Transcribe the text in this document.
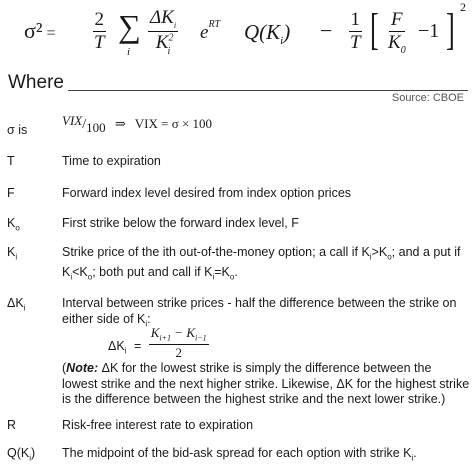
$\sigma^2 = \frac{2}{T}$ ∑
i
$\Delta K_i$
$K^2_i$
$e^{RT}$ $Q(K_i) - \frac{1}{T}$ [ $\frac{F}{K_0} -1$ ] 2
Where
Source: CBOE
σ is
VIX/100 ⇒ VIX = σ × 100
T	Time to expiration
F	Forward index level desired from index option prices
$K_o$	First strike below the forward index level, F
$K_i$	Strike price of the ith out-of-the-money option; a call if $K_i>K_o$; and a put if
$K_i<K_o$; both put and call if $K_i=K_o$.
$\Delta K_i$	Interval between strike prices - half the difference between the strike on
either side of $K_i$:
$\Delta K_i = \frac{K_{i+1} - K_{i-1}}{2}$
(Note: ΔK for the lowest strike is simply the difference between the
lowest strike and the next higher strike. Likewise, ΔK for the highest strike
is the difference between the highest strike and the next lower strike.)
R	Risk-free interest rate to expiration
$Q(K_i)$ The midpoint of the bid-ask spread for each option with strike $K_i$.
